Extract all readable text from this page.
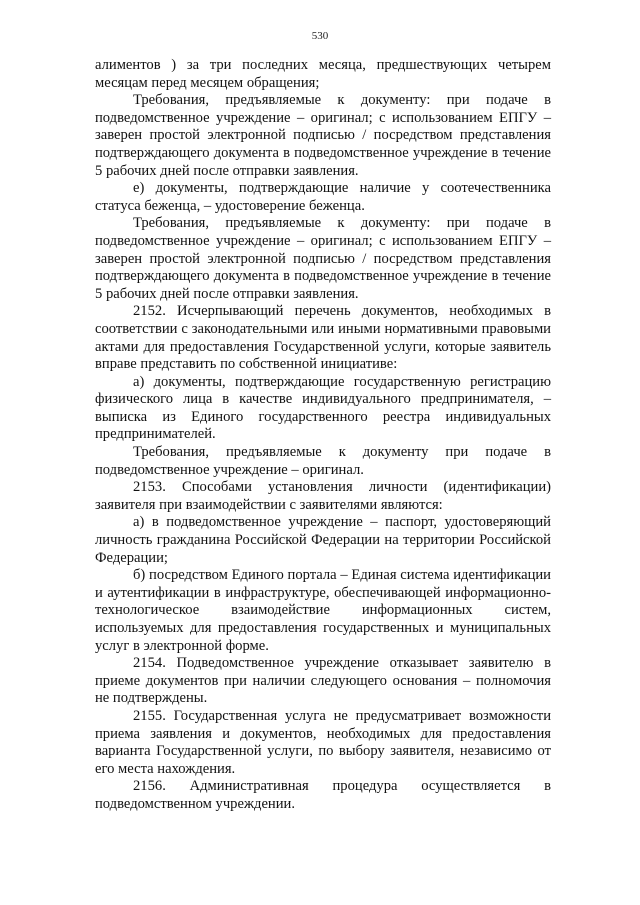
530

алиментов ) за три последних месяца, предшествующих четырем месяцам перед месяцем обращения;

Требования, предъявляемые к документу: при подаче в подведомственное учреждение – оригинал; с использованием ЕПГУ – заверен простой электронной подписью / посредством представления подтверждающего документа в подведомственное учреждение в течение 5 рабочих дней после отправки заявления.

е) документы, подтверждающие наличие у соотечественника статуса беженца, – удостоверение беженца.

Требования, предъявляемые к документу: при подаче в подведомственное учреждение – оригинал; с использованием ЕПГУ – заверен простой электронной подписью / посредством представления подтверждающего документа в подведомственное учреждение в течение 5 рабочих дней после отправки заявления.

2152. Исчерпывающий перечень документов, необходимых в соответствии с законодательными или иными нормативными правовыми актами для предоставления Государственной услуги, которые заявитель вправе представить по собственной инициативе:

а) документы, подтверждающие государственную регистрацию физического лица в качестве индивидуального предпринимателя, – выписка из Единого государственного реестра индивидуальных предпринимателей.

Требования, предъявляемые к документу при подаче в подведомственное учреждение – оригинал.

2153. Способами установления личности (идентификации) заявителя при взаимодействии с заявителями являются:

а) в подведомственное учреждение – паспорт, удостоверяющий личность гражданина Российской Федерации на территории Российской Федерации;

б) посредством Единого портала – Единая система идентификации и аутентификации в инфраструктуре, обеспечивающей информационно-технологическое взаимодействие информационных систем, используемых для предоставления государственных и муниципальных услуг в электронной форме.

2154. Подведомственное учреждение отказывает заявителю в приеме документов при наличии следующего основания – полномочия не подтверждены.

2155. Государственная услуга не предусматривает возможности приема заявления и документов, необходимых для предоставления варианта Государственной услуги, по выбору заявителя, независимо от его места нахождения.

2156. Административная процедура осуществляется в подведомственном учреждении.
